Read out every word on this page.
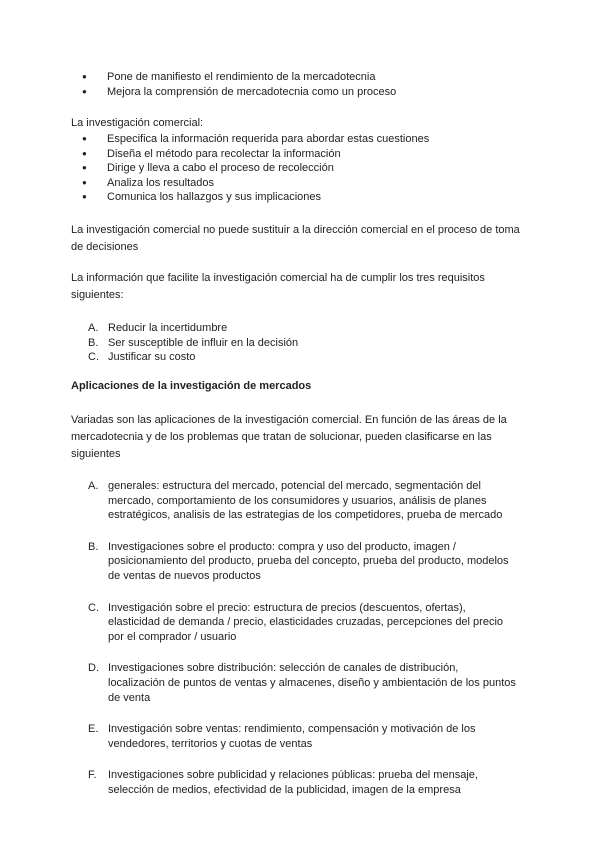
● Pone de manifiesto el rendimiento de la mercadotecnia
● Mejora la comprensión de mercadotecnia como un proceso
La investigación comercial:
● Especifica la información requerida para abordar estas cuestiones
● Diseña el método para recolectar la información
● Dirige y lleva a cabo el proceso de recolección
● Analiza los resultados
● Comunica los hallazgos y sus implicaciones
La investigación comercial no puede sustituir a la dirección comercial en el proceso de toma de decisiones
La información que facilite la investigación comercial ha de cumplir los tres requisitos siguientes:
A. Reducir la incertidumbre
B. Ser susceptible de influir en la decisión
C. Justificar su costo
Aplicaciones de la investigación de mercados
Variadas son las aplicaciones de la investigación comercial. En función de las áreas de la mercadotecnia y de los problemas que tratan de solucionar, pueden clasificarse en las siguientes
A. generales: estructura del mercado, potencial del mercado, segmentación del mercado, comportamiento de los consumidores y usuarios, análisis de planes estratégicos, analisis de las estrategias de los competidores, prueba de mercado
B. Investigaciones sobre el producto: compra y uso del producto, imagen / posicionamiento del producto, prueba del concepto, prueba del producto, modelos de ventas de nuevos productos
C. Investigación sobre el precio: estructura de precios (descuentos, ofertas), elasticidad de demanda / precio, elasticidades cruzadas, percepciones del precio por el comprador / usuario
D. Investigaciones sobre distribución: selección de canales de distribución, localización de puntos de ventas y almacenes, diseño y ambientación de los puntos de venta
E. Investigación sobre ventas: rendimiento, compensación y motivación de los vendedores, territorios y cuotas de ventas
F. Investigaciones sobre publicidad y relaciones públicas: prueba del mensaje, selección de medios, efectividad de la publicidad, imagen de la empresa
